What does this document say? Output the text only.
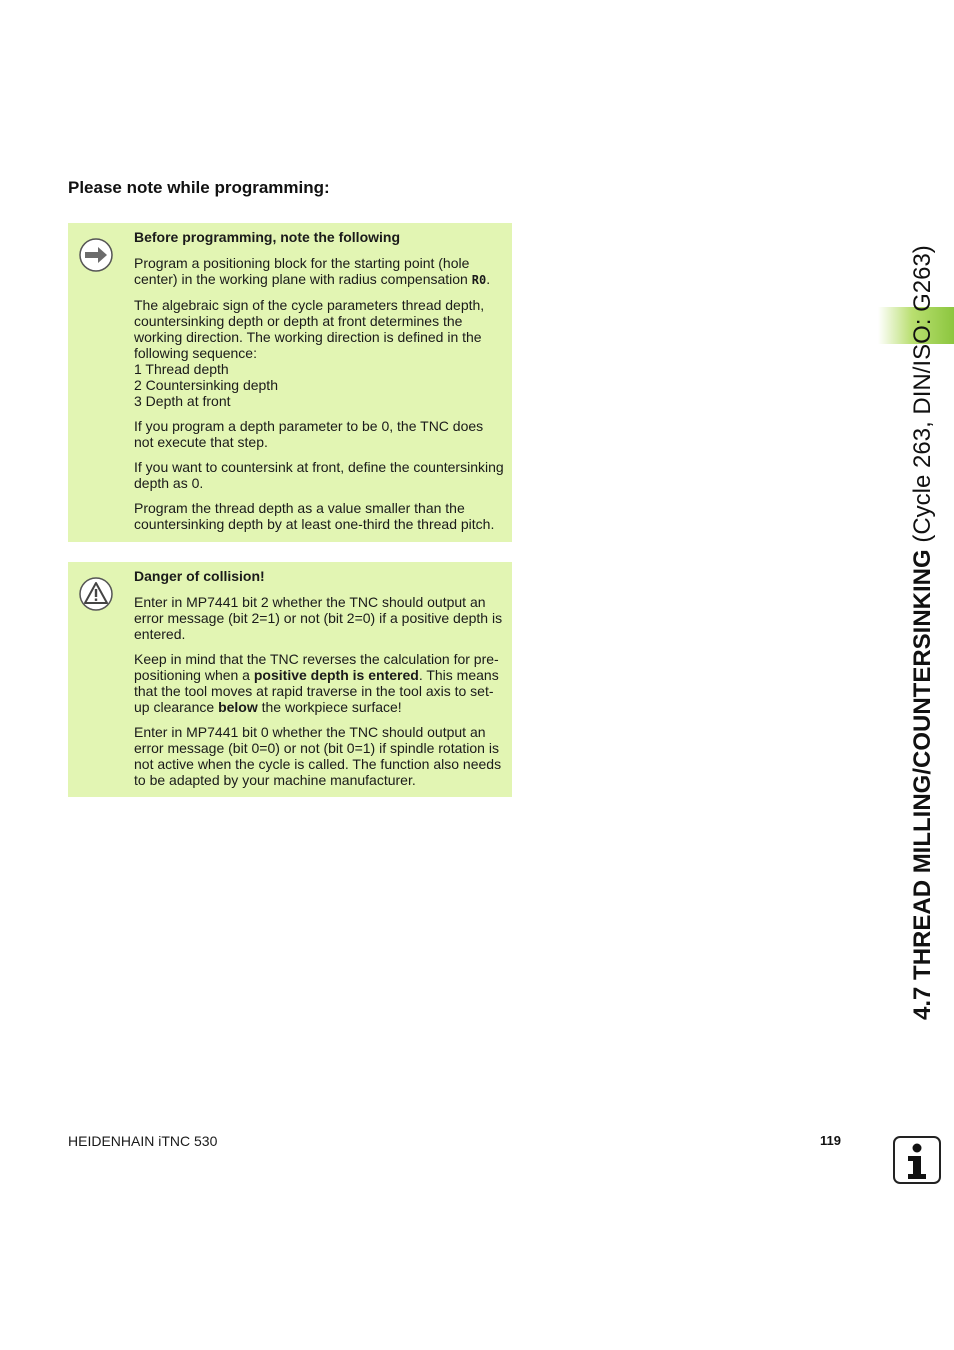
Please note while programming:
Before programming, note the following

Program a positioning block for the starting point (hole center) in the working plane with radius compensation R0.

The algebraic sign of the cycle parameters thread depth, countersinking depth or depth at front determines the working direction. The working direction is defined in the following sequence:
1 Thread depth
2 Countersinking depth
3 Depth at front

If you program a depth parameter to be 0, the TNC does not execute that step.

If you want to countersink at front, define the countersinking depth as 0.

Program the thread depth as a value smaller than the countersinking depth by at least one-third the thread pitch.

Danger of collision!

Enter in MP7441 bit 2 whether the TNC should output an error message (bit 2=1) or not (bit 2=0) if a positive depth is entered.

Keep in mind that the TNC reverses the calculation for pre-positioning when a positive depth is entered. This means that the tool moves at rapid traverse in the tool axis to set-up clearance below the workpiece surface!

Enter in MP7441 bit 0 whether the TNC should output an error message (bit 0=0) or not (bit 0=1) if spindle rotation is not active when the cycle is called. The function also needs to be adapted by your machine manufacturer.	4.7 THREAD MILLING/COUNTERSINKING (Cycle 263, DIN/ISO: G263)
HEIDENHAIN iTNC 530	119
